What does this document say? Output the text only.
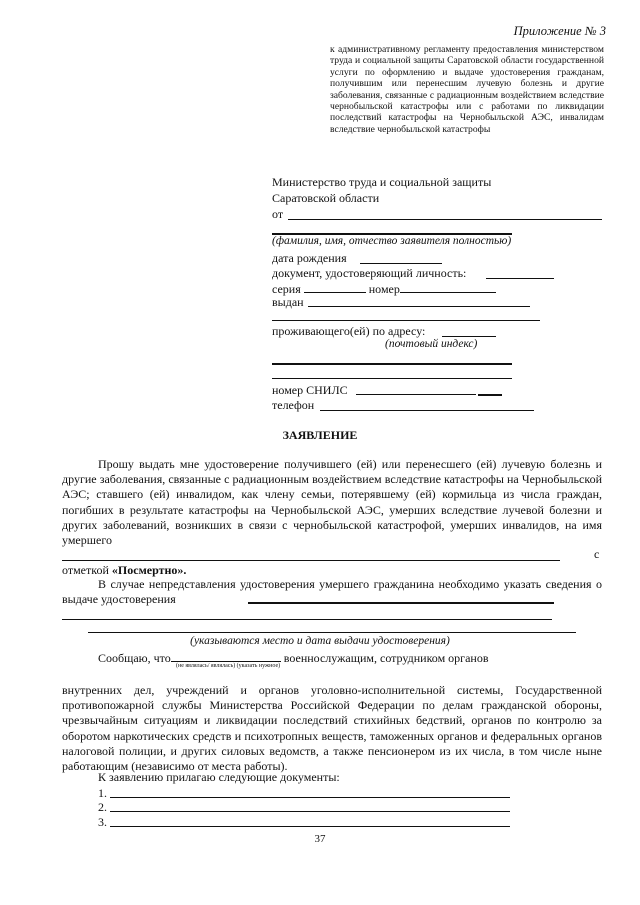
Приложение № 3
к административному регламенту предоставления министерством труда и социальной защиты Саратовской области государственной услуги по оформлению и выдаче удостоверения гражданам, получившим или перенесшим лучевую болезнь и другие заболевания, связанные с радиационным воздействием вследствие чернобыльской катастрофы или с работами по ликвидации последствий катастрофы на Чернобыльской АЭС, инвалидам вследствие чернобыльской катастрофы
Министерство труда и социальной защиты
Саратовской области
от
(фамилия, имя, отчество заявителя полностью)
дата рождения
документ, удостоверяющий личность:
серия	номер
выдан
проживающего(ей) по адресу:
(почтовый индекс)
номер СНИЛС
телефон
ЗАЯВЛЕНИЕ
Прошу выдать мне удостоверение получившего (ей) или перенесшего (ей) лучевую болезнь и другие заболевания, связанные с радиационным воздействием вследствие катастрофы на Чернобыльской АЭС; ставшего (ей) инвалидом, как члену семьи, потерявшему (ей) кормильца из числа граждан, погибших в результате катастрофы на Чернобыльской АЭС, умерших вследствие лучевой болезни и других заболеваний, возникших в связи с чернобыльской катастрофой, умерших инвалидов, на имя умершего
с
отметкой «Посмертно».
В случае непредставления удостоверения умершего гражданина необходимо указать сведения о выдаче удостоверения
(указываются место и дата выдачи удостоверения)
Сообщаю, что	военнослужащим, сотрудником органов
(не являлась/ являлась) (указать нужное)
внутренних дел, учреждений и органов уголовно-исполнительной системы, Государственной противопожарной службы Министерства Российской Федерации по делам гражданской обороны, чрезвычайным ситуациям и ликвидации последствий стихийных бедствий, органов по контролю за оборотом наркотических средств и психотропных веществ, таможенных органов и федеральных органов налоговой полиции, и других силовых ведомств, а также пенсионером из их числа, в том числе ныне работающим (независимо от места работы).
К заявлению прилагаю следующие документы:
1.
2.
3.
37
